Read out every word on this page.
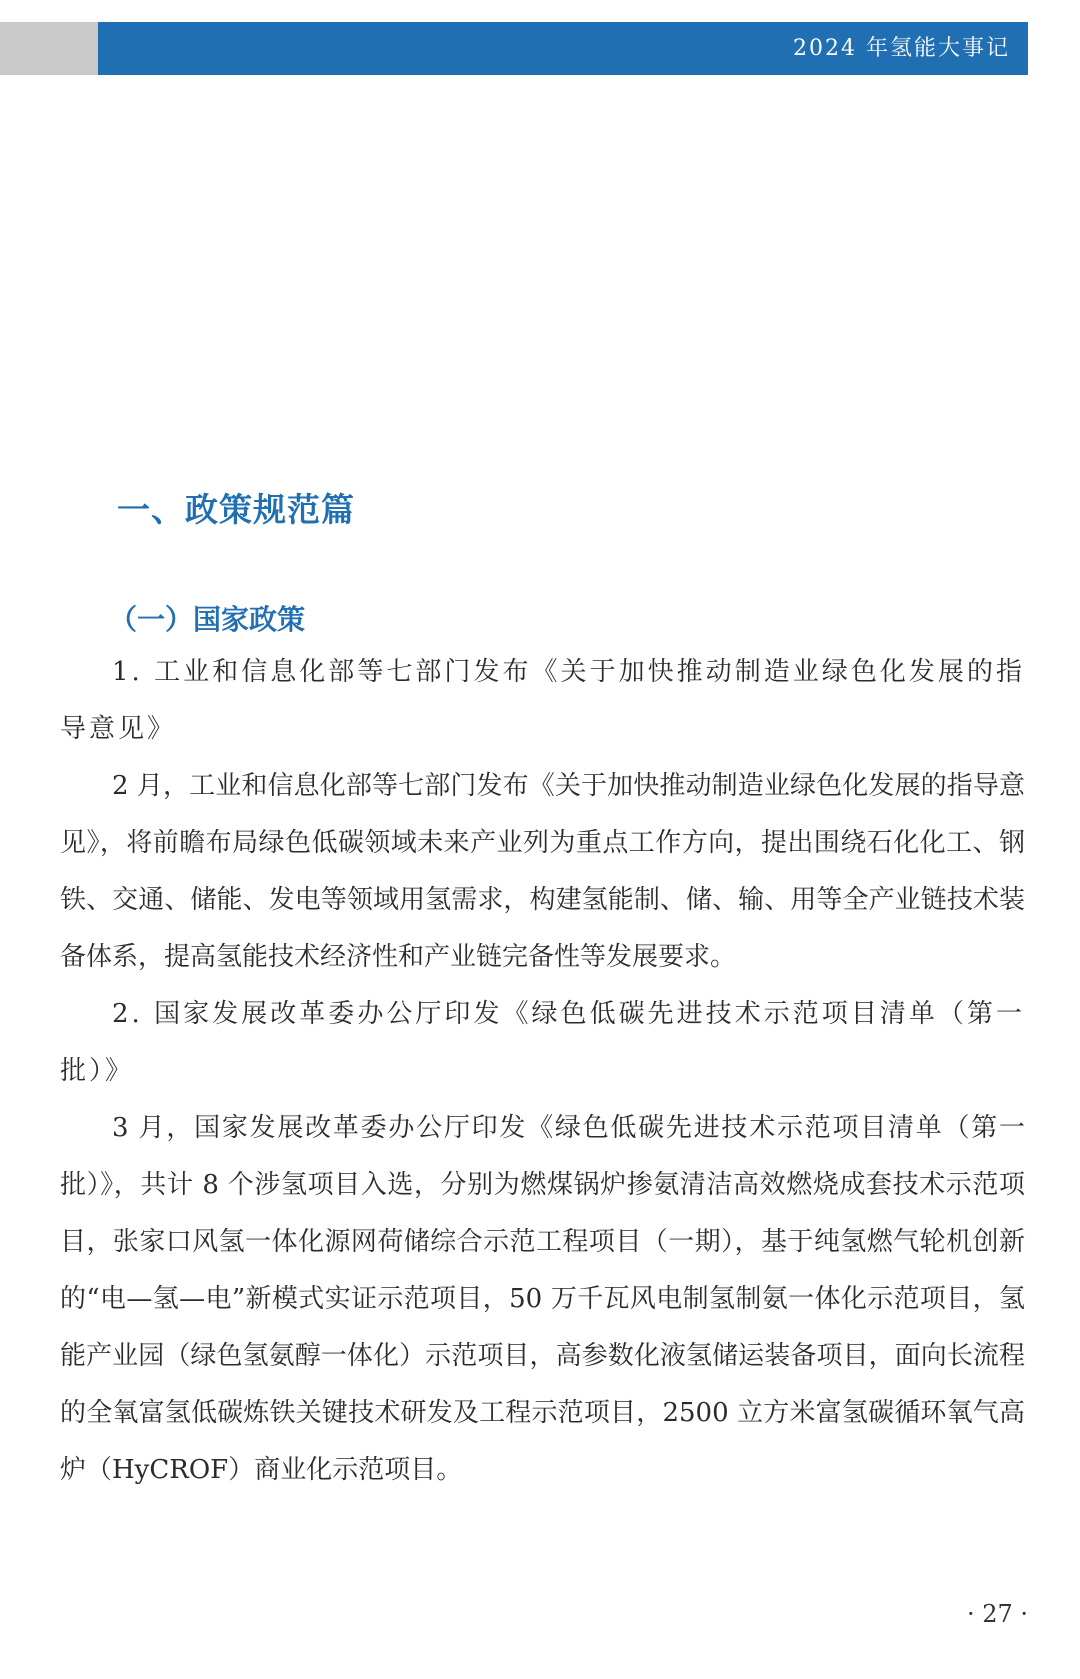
2024 年氢能大事记
一、政策规范篇
（一）国家政策

1. 工业和信息化部等七部门发布《关于加快推动制造业绿色化发展的指导意见》

2 月，工业和信息化部等七部门发布《关于加快推动制造业绿色化发展的指导意见》，将前瞻布局绿色低碳领域未来产业列为重点工作方向，提出围绕石化化工、钢铁、交通、储能、发电等领域用氢需求，构建氢能制、储、输、用等全产业链技术装备体系，提高氢能技术经济性和产业链完备性等发展要求。

2. 国家发展改革委办公厅印发《绿色低碳先进技术示范项目清单（第一批）》

3 月，国家发展改革委办公厅印发《绿色低碳先进技术示范项目清单（第一批）》，共计 8 个涉氢项目入选，分别为燃煤锅炉掺氨清洁高效燃烧成套技术示范项目，张家口风氢一体化源网荷储综合示范工程项目（一期），基于纯氢燃气轮机创新的“电—氢—电”新模式实证示范项目，50 万千瓦风电制氢制氨一体化示范项目，氢能产业园（绿色氢氨醇一体化）示范项目，高参数化液氢储运装备项目，面向长流程的全氧富氢低碳炼铁关键技术研发及工程示范项目，2500 立方米富氢碳循环氧气高炉（HyCROF）商业化示范项目。

· 27 ·
